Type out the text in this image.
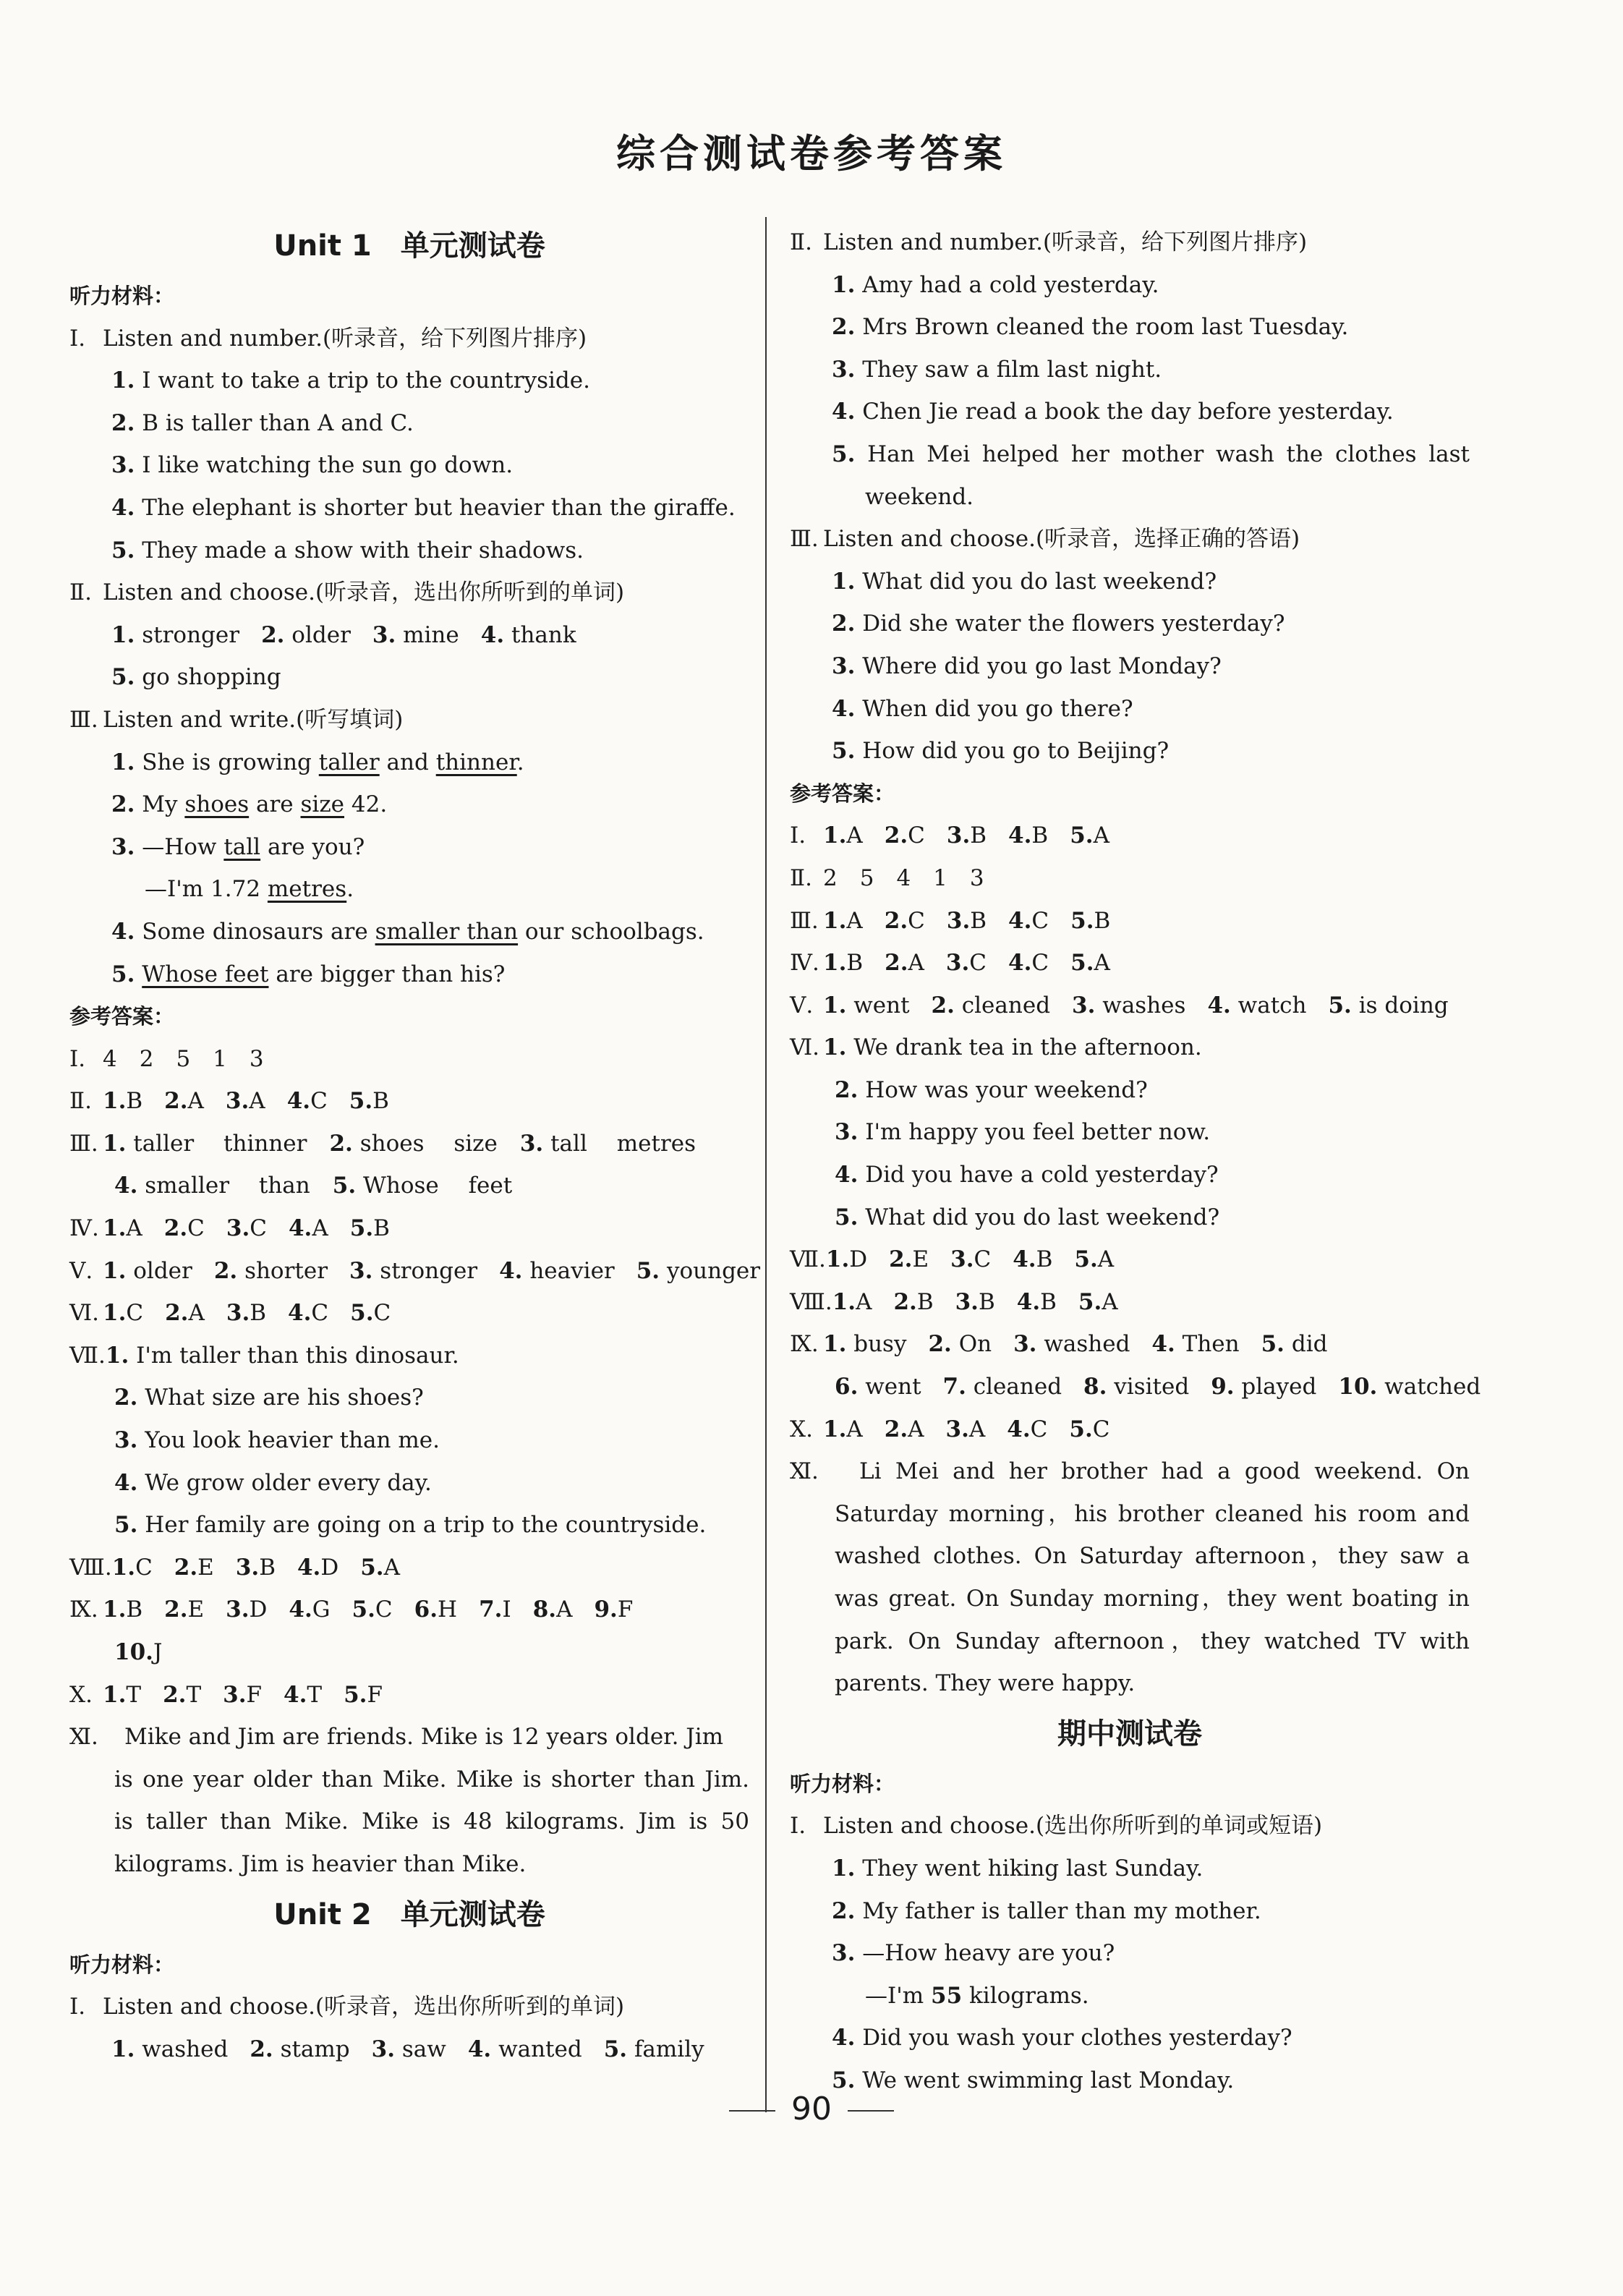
综合测试卷参考答案
Unit 1　单元测试卷
听力材料：
Ⅰ. Listen and number.(听录音，给下列图片排序)
1. I want to take a trip to the countryside.
2. B is taller than A and C.
3. I like watching the sun go down.
4. The elephant is shorter but heavier than the giraffe.
5. They made a show with their shadows.
Ⅱ. Listen and choose.(听录音，选出你所听到的单词)
1. stronger 2. older 3. mine 4. thank
5. go shopping
Ⅲ. Listen and write.(听写填词)
1. She is growing taller and thinner.
2. My shoes are size 42.
3. —How tall are you?
—I'm 1.72 metres.
4. Some dinosaurs are smaller than our schoolbags.
5. Whose feet are bigger than his?
参考答案：
Ⅰ. 4　2　5　1　3
Ⅱ. 1.B 2.A 3.A 4.C 5.B
Ⅲ. 1. taller　 thinner　2. shoes　 size　3. tall　 metres
4. smaller　 than　5. Whose　 feet
Ⅳ. 1.A 2.C 3.C 4.A 5.B
Ⅴ. 1. older 2. shorter 3. stronger 4. heavier 5. younger
Ⅵ. 1.C 2.A 3.B 4.C 5.C
Ⅶ.1. I'm taller than this dinosaur.
2. What size are his shoes?
3. You look heavier than me.
4. We grow older every day.
5. Her family are going on a trip to the countryside.
Ⅷ.1.C 2.E 3.B 4.D 5.A
Ⅸ. 1.B 2.E 3.D 4.G 5.C 6.H 7.I 8.A 9.F
10.J
Ⅹ. 1.T 2.T 3.F 4.T 5.F
Ⅺ. Mike and Jim are friends. Mike is 12 years older. Jim
is one year older than Mike. Mike is shorter than Jim.
is taller than Mike. Mike is 48 kilograms. Jim is 50
kilograms. Jim is heavier than Mike.
Unit 2　单元测试卷
听力材料：
Ⅰ. Listen and choose.(听录音，选出你所听到的单词)
1. washed 2. stamp 3. saw 4. wanted 5. family
Ⅱ. Listen and number.(听录音，给下列图片排序)
1. Amy had a cold yesterday.
2. Mrs Brown cleaned the room last Tuesday.
3. They saw a film last night.
4. Chen Jie read a book the day before yesterday.
5. Han Mei helped her mother wash the clothes last
weekend.
Ⅲ. Listen and choose.(听录音，选择正确的答语)
1. What did you do last weekend?
2. Did she water the flowers yesterday?
3. Where did you go last Monday?
4. When did you go there?
5. How did you go to Beijing?
参考答案：
Ⅰ. 1.A 2.C 3.B 4.B 5.A
Ⅱ. 2　5　4　1　3
Ⅲ. 1.A 2.C 3.B 4.C 5.B
Ⅳ. 1.B 2.A 3.C 4.C 5.A
Ⅴ. 1. went 2. cleaned 3. washes 4. watch 5. is doing
Ⅵ. 1. We drank tea in the afternoon.
2. How was your weekend?
3. I'm happy you feel better now.
4. Did you have a cold yesterday?
5. What did you do last weekend?
Ⅶ.1.D 2.E 3.C 4.B 5.A
Ⅷ.1.A 2.B 3.B 4.B 5.A
Ⅸ. 1. busy 2. On 3. washed 4. Then 5. did
6. went 7. cleaned 8. visited 9. played 10. watched
Ⅹ. 1.A 2.A 3.A 4.C 5.C
Ⅺ.	Li Mei and her brother had a good weekend. On
Saturday morning，his brother cleaned his room and
washed clothes. On Saturday afternoon，they saw a
was great. On Sunday morning，they went boating in
park. On Sunday afternoon，they watched TV with
parents. They were happy.
期中测试卷
听力材料：
Ⅰ. Listen and choose.(选出你所听到的单词或短语)
1. They went hiking last Sunday.
2. My father is taller than my mother.
3. —How heavy are you?
—I'm 55 kilograms.
4. Did you wash your clothes yesterday?
5. We went swimming last Monday.
90
